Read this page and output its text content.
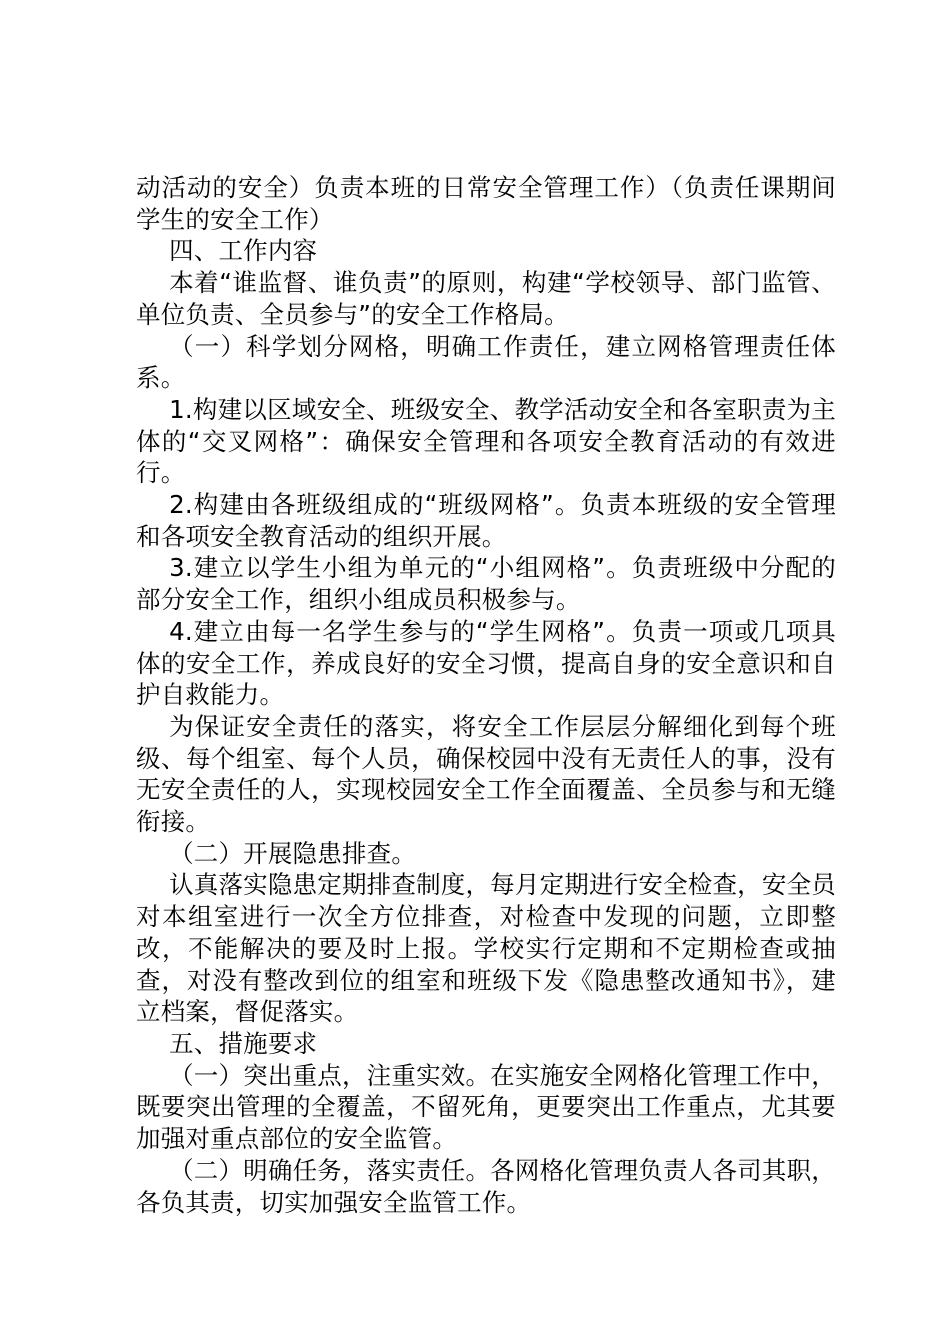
动活动的安全）负责本班的日常安全管理工作）（负责任课期间学生的安全工作）

四、工作内容

本着“谁监督、谁负责”的原则，构建“学校领导、部门监管、单位负责、全员参与”的安全工作格局。

（一）科学划分网格，明确工作责任，建立网格管理责任体系。

1.构建以区域安全、班级安全、教学活动安全和各室职责为主体的“交叉网格”：确保安全管理和各项安全教育活动的有效进行。

2.构建由各班级组成的“班级网格”。负责本班级的安全管理和各项安全教育活动的组织开展。

3.建立以学生小组为单元的“小组网格”。负责班级中分配的部分安全工作，组织小组成员积极参与。

4.建立由每一名学生参与的“学生网格”。负责一项或几项具体的安全工作，养成良好的安全习惯，提高自身的安全意识和自护自救能力。

为保证安全责任的落实，将安全工作层层分解细化到每个班级、每个组室、每个人员，确保校园中没有无责任人的事，没有无安全责任的人，实现校园安全工作全面覆盖、全员参与和无缝衔接。

（二）开展隐患排查。

认真落实隐患定期排查制度，每月定期进行安全检查，安全员对本组室进行一次全方位排查，对检查中发现的问题，立即整改，不能解决的要及时上报。学校实行定期和不定期检查或抽查，对没有整改到位的组室和班级下发《隐患整改通知书》，建立档案，督促落实。

五、措施要求

（一）突出重点，注重实效。在实施安全网格化管理工作中，既要突出管理的全覆盖，不留死角，更要突出工作重点，尤其要加强对重点部位的安全监管。

（二）明确任务，落实责任。各网格化管理负责人各司其职，各负其责，切实加强安全监管工作。
